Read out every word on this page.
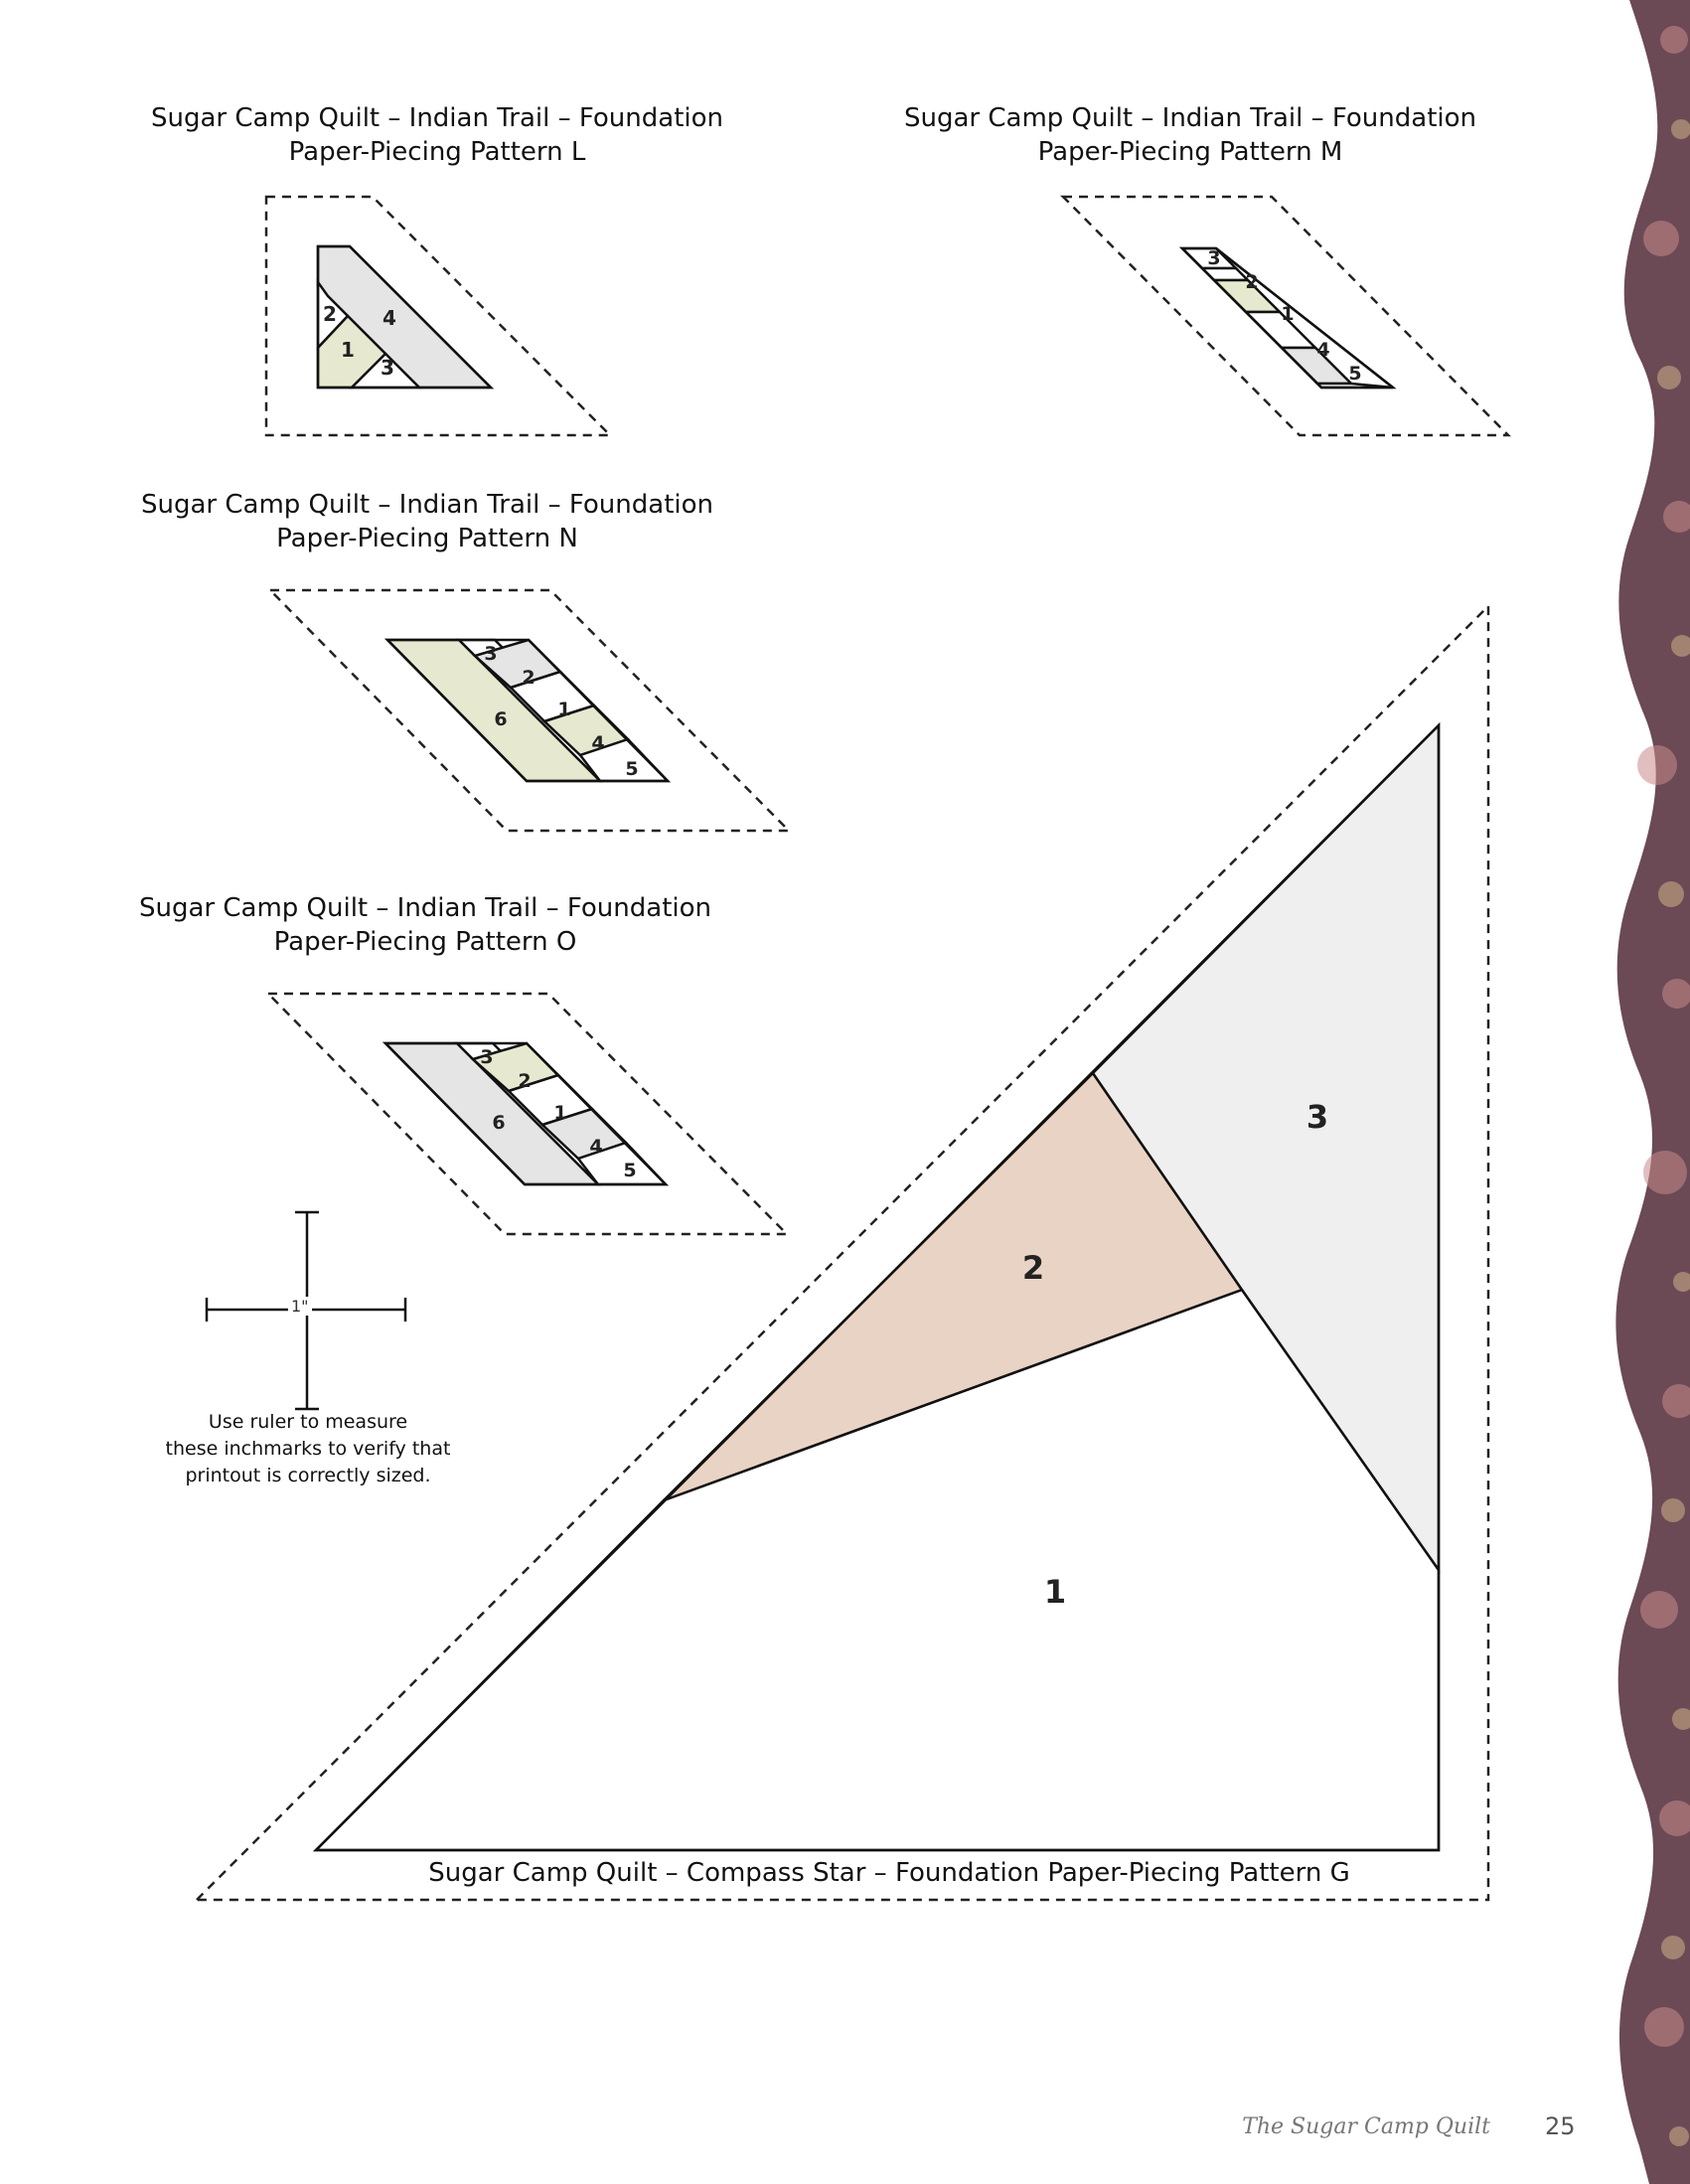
2 4
1
3
3
2
1
4
5
3
2
1
4
5
6
3
2
1
4
5
6
1
2
3
Sugar Camp Quilt – Indian Trail – Foundation
Paper-Piecing Pattern L
Sugar Camp Quilt – Indian Trail – Foundation
Paper-Piecing Pattern M
Sugar Camp Quilt – Indian Trail – Foundation
Paper-Piecing Pattern N
Sugar Camp Quilt – Indian Trail – Foundation
Paper-Piecing Pattern O
1"
Use ruler to measure
these inchmarks to verify that
printout is correctly sized.
Sugar Camp Quilt – Compass Star – Foundation Paper-Piecing Pattern G
The Sugar Camp Quilt 25
